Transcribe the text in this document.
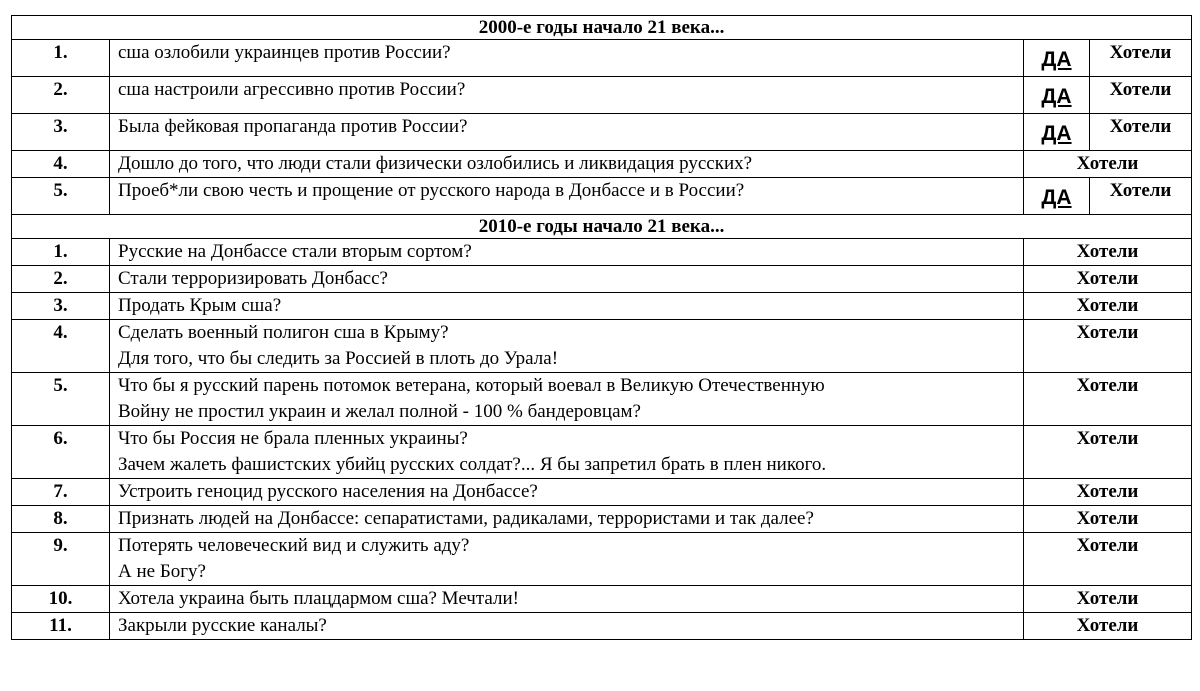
2000-е годы начало 21 века...			
1.	сша озлобили украинцев против России?	ДА	Хотели
2.	сша настроили агрессивно против России?	ДА	Хотели
3.	Была фейковая пропаганда против России?	ДА	Хотели
4.	Дошло до того, что люди стали физически озлобились и ликвидация русских?	Хотели	
5.	Проеб*ли свою честь и прощение от русского народа в Донбассе и в России?	ДА	Хотели
2010-е годы начало 21 века...			
1.	Русские на Донбассе стали вторым сортом?	Хотели	
2.	Стали терроризировать Донбасс?	Хотели	
3.	Продать Крым сша?	Хотели	
4.	Сделать военный полигон сша в Крыму?
Для того, что бы следить за Россией в плоть до Урала!	Хотели	
5.	Что бы я русский парень потомок ветерана, который воевал в Великую Отечественную
Войну не простил украин и желал полной - 100 % бандеровцам?	Хотели	
6.	Что бы Россия не брала пленных украины?
Зачем жалеть фашистских убийц русских солдат?... Я бы запретил брать в плен никого.	Хотели	
7.	Устроить геноцид русского населения на Донбассе?	Хотели	
8.	Признать людей на Донбассе: сепаратистами, радикалами, террористами и так далее?	Хотели	
9.	Потерять человеческий вид и служить аду?
А не Богу?	Хотели	
10.	Хотела украина быть плацдармом сша? Мечтали!	Хотели	
11.	Закрыли русские каналы?	Хотели	
